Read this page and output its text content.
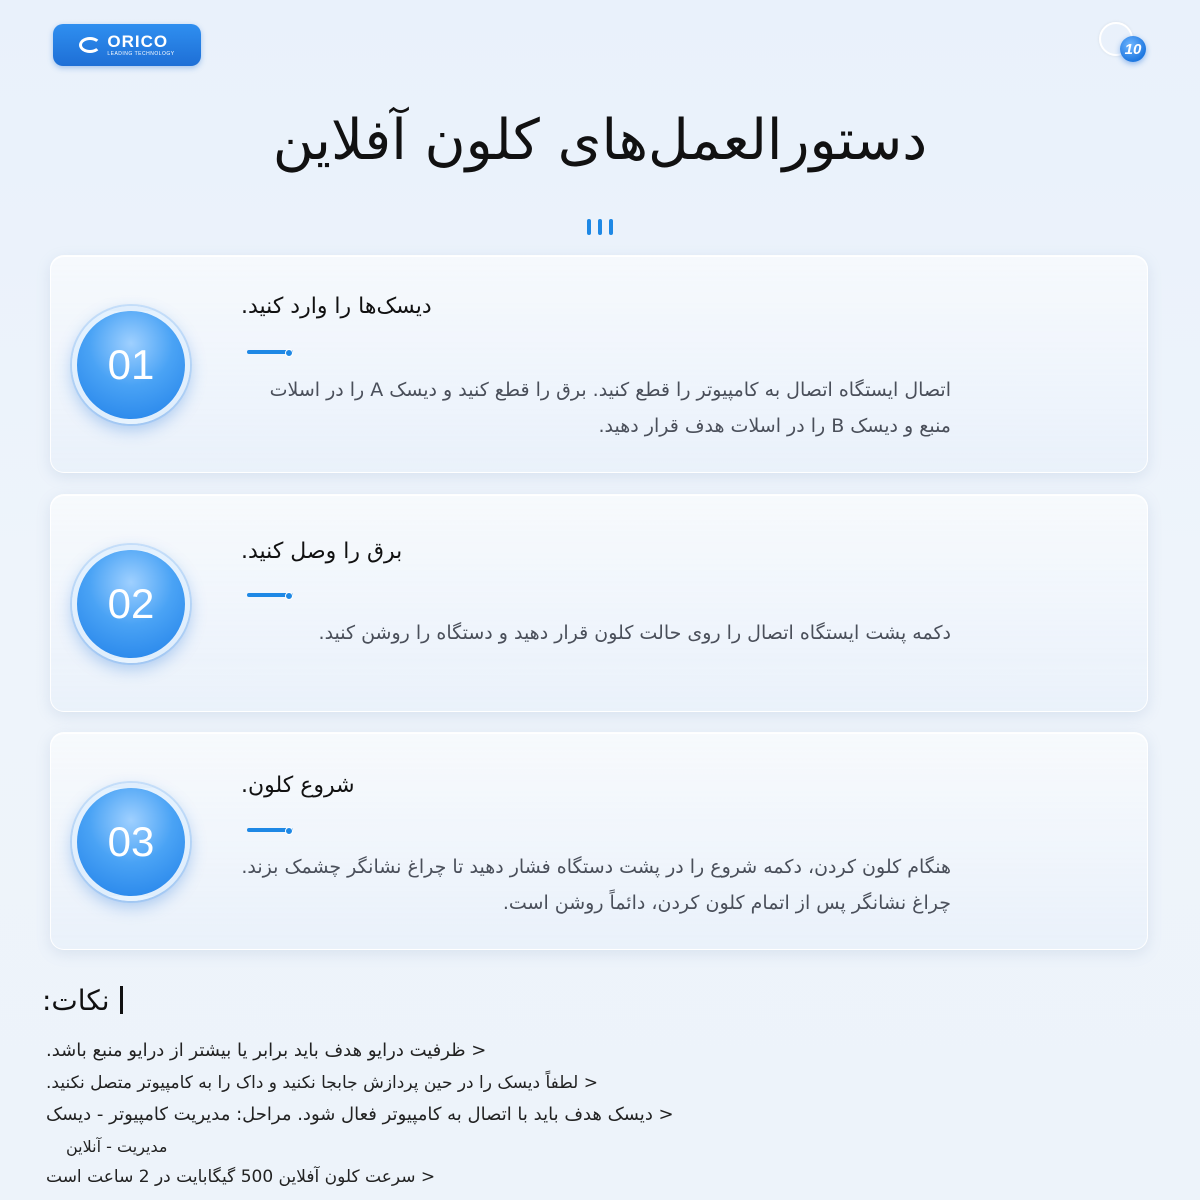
ORICO
LEADING TECHNOLOGY	10
دستورالعمل‌های کلون آفلاین
01
دیسک‌ها را وارد کنید.
اتصال ایستگاه اتصال به کامپیوتر را قطع کنید. برق را قطع کنید و دیسک A را در اسلات منبع و دیسک B را در اسلات هدف قرار دهید.
02
برق را وصل کنید.
دکمه پشت ایستگاه اتصال را روی حالت کلون قرار دهید و دستگاه را روشن کنید.
03
شروع کلون.
هنگام کلون کردن، دکمه شروع را در پشت دستگاه فشار دهید تا چراغ نشانگر چشمک بزند. چراغ نشانگر پس از اتمام کلون کردن، دائماً روشن است.
نکات:
< ظرفیت درایو هدف باید برابر یا بیشتر از درایو منبع باشد.
< لطفاً دیسک را در حین پردازش جابجا نکنید و داک را به کامپیوتر متصل نکنید.
< دیسک هدف باید با اتصال به کامپیوتر فعال شود. مراحل: مدیریت کامپیوتر - دیسک
مدیریت - آنلاین
< سرعت کلون آفلاین 500 گیگابایت در 2 ساعت است
